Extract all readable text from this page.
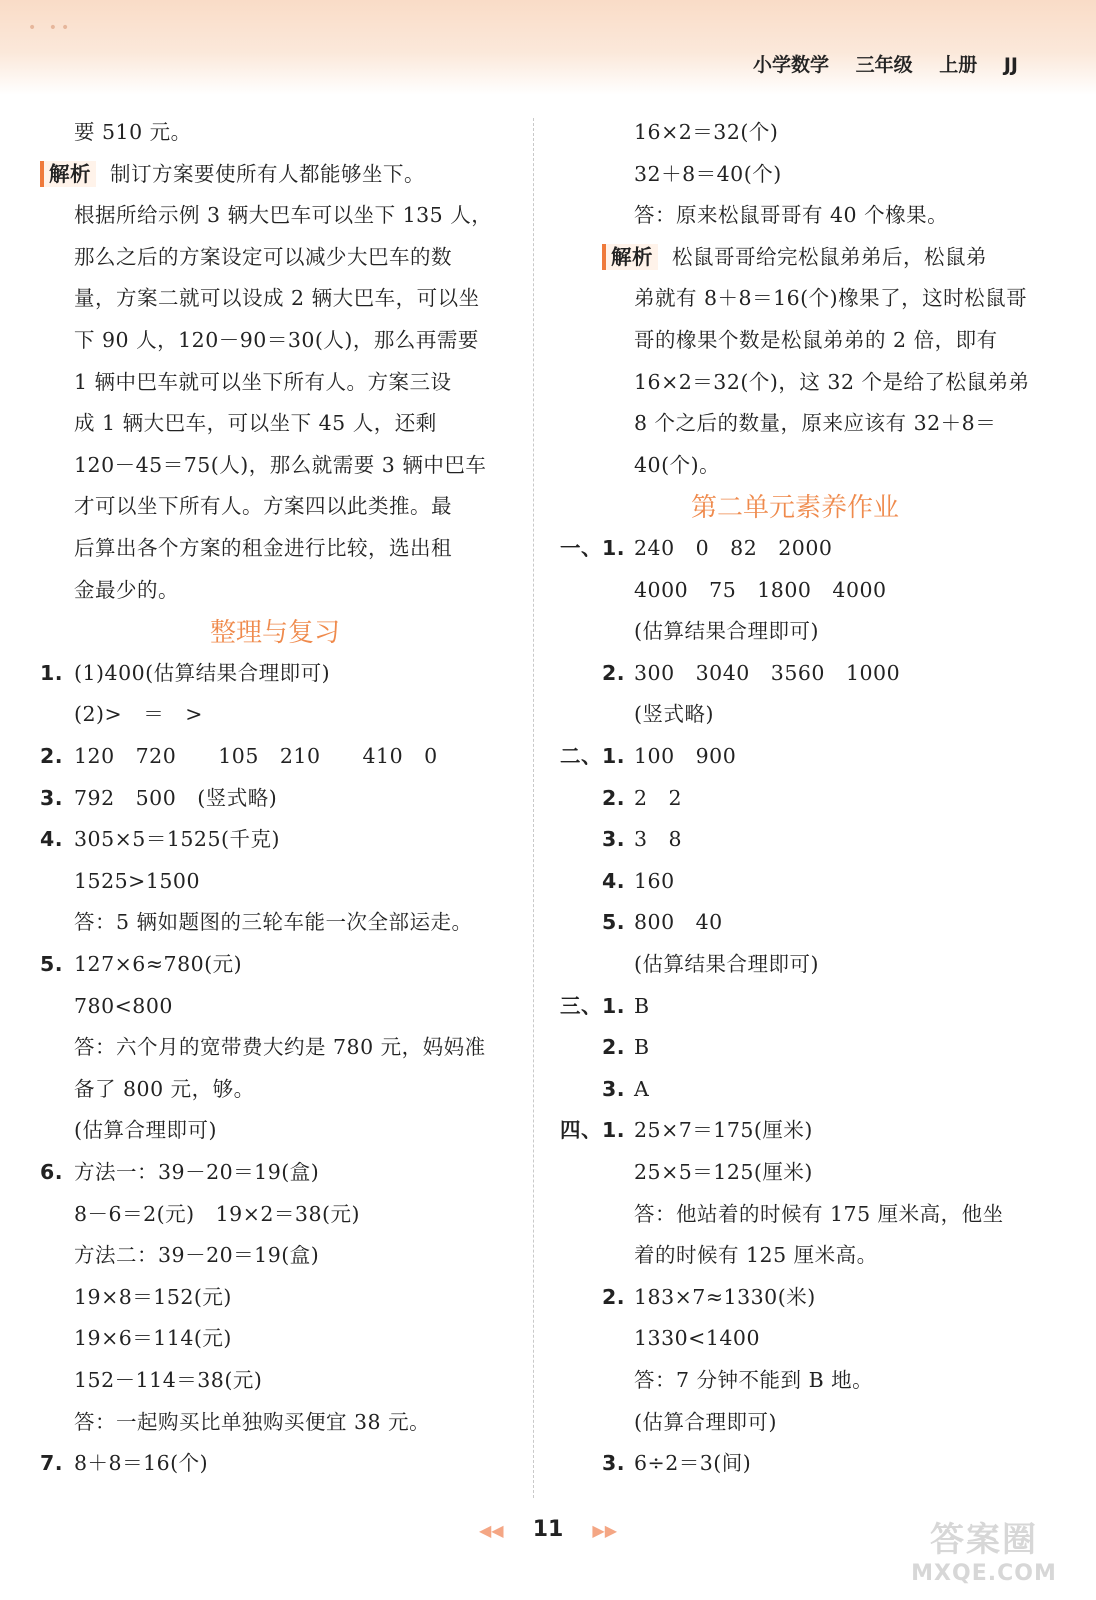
• ••
小学数学 三年级 上册 JJ
要 510 元。
解析 制订方案要使所有人都能够坐下。
根据所给示例 3 辆大巴车可以坐下 135 人，
那么之后的方案设定可以减少大巴车的数
量，方案二就可以设成 2 辆大巴车，可以坐
下 90 人，120－90＝30(人)，那么再需要
1 辆中巴车就可以坐下所有人。方案三设
成 1 辆大巴车，可以坐下 45 人，还剩
120－45＝75(人)，那么就需要 3 辆中巴车
才可以坐下所有人。方案四以此类推。最
后算出各个方案的租金进行比较，选出租
金最少的。
整理与复习
1. (1)400(估算结果合理即可)
(2)>　＝　>
2. 120　720　　105　210　　410　0
3. 792　500　(竖式略)
4. 305×5＝1525(千克)
1525>1500
答：5 辆如题图的三轮车能一次全部运走。
5. 127×6≈780(元)
780<800
答：六个月的宽带费大约是 780 元，妈妈准
备了 800 元，够。
(估算合理即可)
6. 方法一：39－20＝19(盒)
8－6＝2(元)　19×2＝38(元)
方法二：39－20＝19(盒)
19×8＝152(元)
19×6＝114(元)
152－114＝38(元)
答：一起购买比单独购买便宜 38 元。
7. 8＋8＝16(个)
16×2＝32(个)
32＋8＝40(个)
答：原来松鼠哥哥有 40 个橡果。
解析 松鼠哥哥给完松鼠弟弟后，松鼠弟
弟就有 8＋8＝16(个)橡果了，这时松鼠哥
哥的橡果个数是松鼠弟弟的 2 倍，即有
16×2＝32(个)，这 32 个是给了松鼠弟弟
8 个之后的数量，原来应该有 32＋8＝
40(个)。
第二单元素养作业
一、 1. 240　0　82　2000
4000　75　1800　4000
(估算结果合理即可)
2. 300　3040　3560　1000
(竖式略)
二、 1. 100　900
2. 2　2
3. 3　8
4. 160
5. 800　40
(估算结果合理即可)
三、 1. B
2. B
3. A
四、 1. 25×7＝175(厘米)
25×5＝125(厘米)
答：他站着的时候有 175 厘米高，他坐
着的时候有 125 厘米高。
2. 183×7≈1330(米)
1330<1400
答：7 分钟不能到 B 地。
(估算合理即可)
3. 6÷2＝3(间)
◀◀ 11 ▶▶	答案圈
MXQE.COM
